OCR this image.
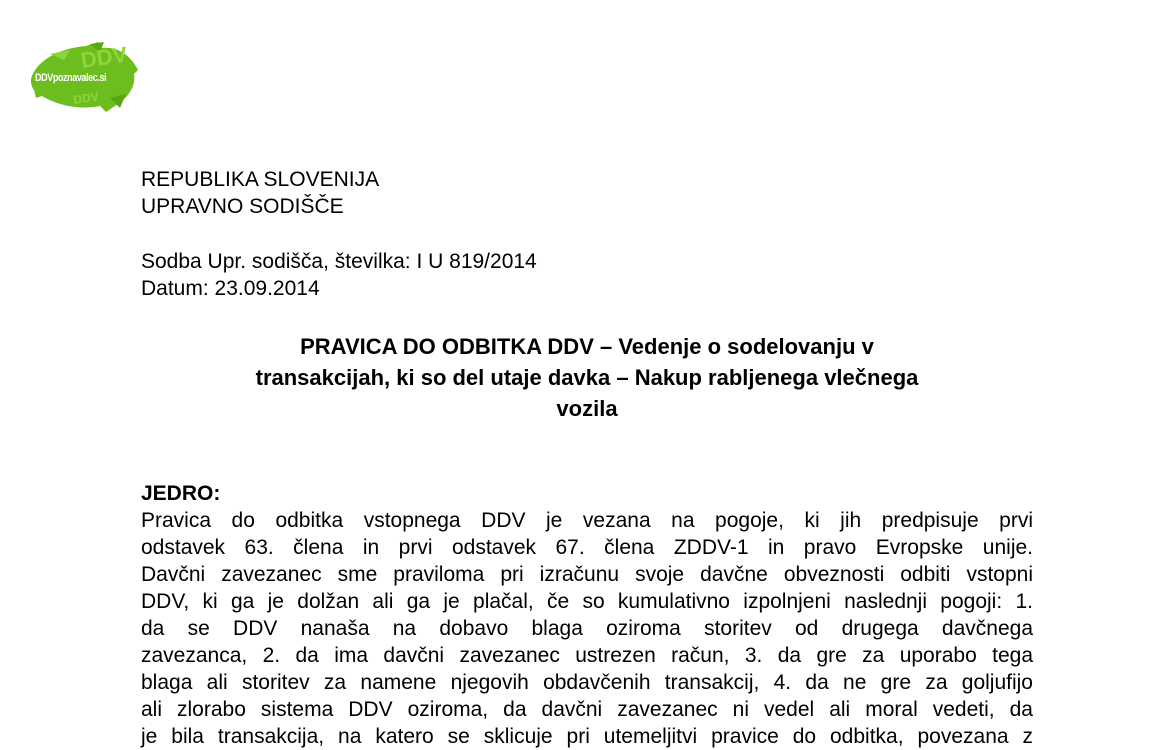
DDV
DDV
DDVpoznavalec.si
REPUBLIKA SLOVENIJA
UPRAVNO SODIŠČE
Sodba Upr. sodišča, številka: I U 819/2014
Datum: 23.09.2014
PRAVICA DO ODBITKA DDV – Vedenje o sodelovanju v
transakcijah, ki so del utaje davka – Nakup rabljenega vlečnega
vozila
JEDRO:
Pravica do odbitka vstopnega DDV je vezana na pogoje, ki jih predpisuje prvi
odstavek 63. člena in prvi odstavek 67. člena ZDDV-1 in pravo Evropske unije.
Davčni zavezanec sme praviloma pri izračunu svoje davčne obveznosti odbiti vstopni
DDV, ki ga je dolžan ali ga je plačal, če so kumulativno izpolnjeni naslednji pogoji: 1.
da se DDV nanaša na dobavo blaga oziroma storitev od drugega davčnega
zavezanca, 2. da ima davčni zavezanec ustrezen račun, 3. da gre za uporabo tega
blaga ali storitev za namene njegovih obdavčenih transakcij, 4. da ne gre za goljufijo
ali zlorabo sistema DDV oziroma, da davčni zavezanec ni vedel ali moral vedeti, da
je bila transakcija, na katero se sklicuje pri utemeljitvi pravice do odbitka, povezana z
